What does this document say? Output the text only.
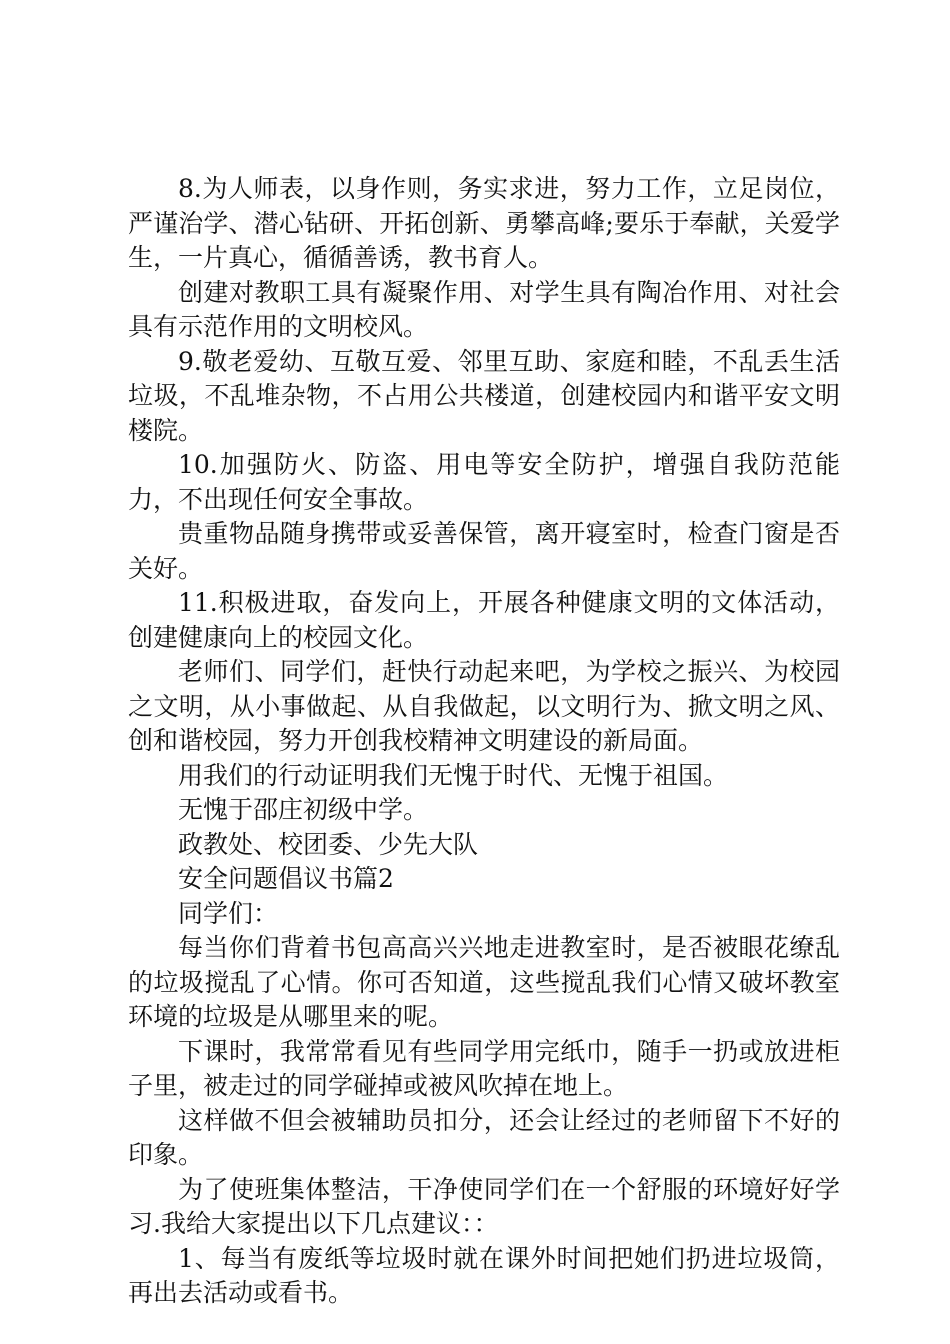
8.为人师表，以身作则，务实求进，努力工作，立足岗位，严谨治学、潜心钻研、开拓创新、勇攀高峰;要乐于奉献，关爱学生，一片真心，循循善诱，教书育人。

创建对教职工具有凝聚作用、对学生具有陶冶作用、对社会具有示范作用的文明校风。

9.敬老爱幼、互敬互爱、邻里互助、家庭和睦，不乱丢生活垃圾，不乱堆杂物，不占用公共楼道，创建校园内和谐平安文明楼院。

10.加强防火、防盗、用电等安全防护，增强自我防范能力，不出现任何安全事故。

贵重物品随身携带或妥善保管，离开寝室时，检查门窗是否关好。

11.积极进取，奋发向上，开展各种健康文明的文体活动，创建健康向上的校园文化。

老师们、同学们，赶快行动起来吧，为学校之振兴、为校园之文明，从小事做起、从自我做起，以文明行为、掀文明之风、创和谐校园，努力开创我校精神文明建设的新局面。

用我们的行动证明我们无愧于时代、无愧于祖国。

无愧于邵庄初级中学。

政教处、校团委、少先大队

安全问题倡议书篇2

同学们：

每当你们背着书包高高兴兴地走进教室时，是否被眼花缭乱的垃圾搅乱了心情。你可否知道，这些搅乱我们心情又破坏教室环境的垃圾是从哪里来的呢。

下课时，我常常看见有些同学用完纸巾，随手一扔或放进柜子里，被走过的同学碰掉或被风吹掉在地上。

这样做不但会被辅助员扣分，还会让经过的老师留下不好的印象。

为了使班集体整洁，干净使同学们在一个舒服的环境好好学习.我给大家提出以下几点建议：：

1、每当有废纸等垃圾时就在课外时间把她们扔进垃圾筒，再出去活动或看书。
